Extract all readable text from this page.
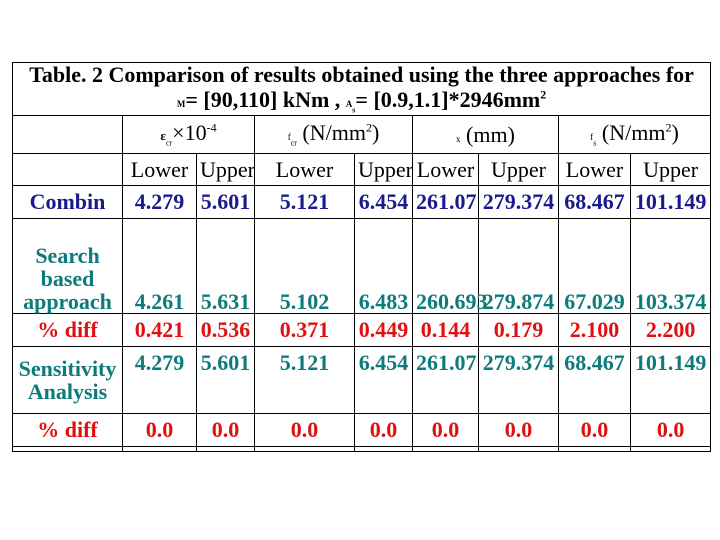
Table. 2 Comparison of results obtained using the three approaches for
M= [90,110] kNm , $A_s= [0.9,1.1]*2946mm^2$

	$\varepsilon_{cr}\times 10^{-4}$		$f_{cr}$ $(N/mm^2)$		x (mm)		$f_s$ $(N/mm^2)$	
	Lower	Upper	Lower	Upper	Lower	Upper	Lower	Upper
Combin	4.279	5.601	5.121	6.454	261.07	279.374	68.467	101.149
Search based approach	4.261	5.631	5.102	6.483	260.693	279.874	67.029	103.374
% diff	0.421	0.536	0.371	0.449	0.144	0.179	2.100	2.200
Sensitivity Analysis	4.279	5.601	5.121	6.454	261.07	279.374	68.467	101.149
% diff	0.0	0.0	0.0	0.0	0.0	0.0	0.0	0.0
